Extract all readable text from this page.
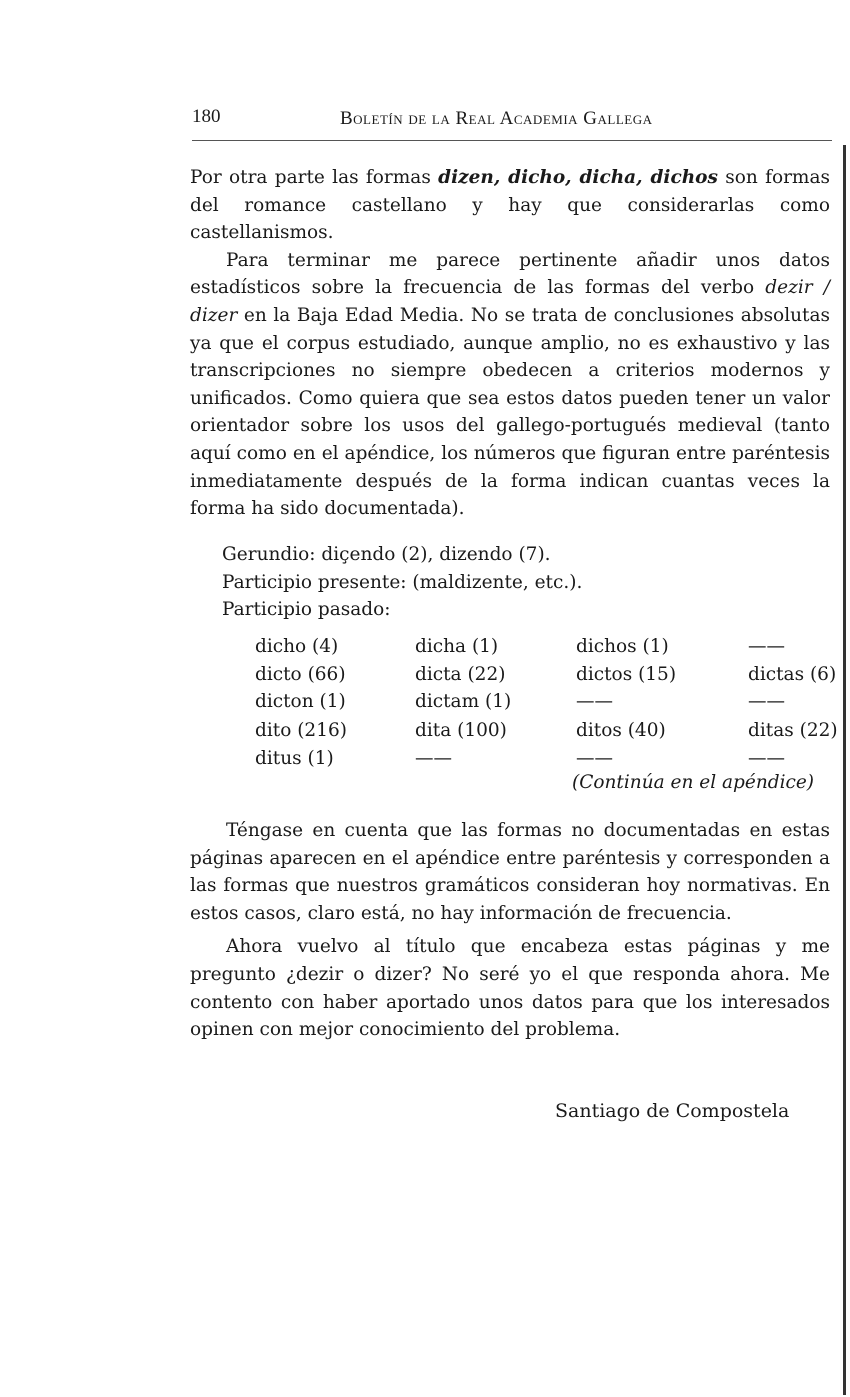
180	Boletín de la Real Academia Gallega

Por otra parte las formas dizen, dicho, dicha, dichos son formas del romance castellano y hay que considerarlas como castellanismos.

Para terminar me parece pertinente añadir unos datos estadísticos sobre la frecuencia de las formas del verbo dezir / dizer en la Baja Edad Media. No se trata de conclusiones absolutas ya que el corpus estudiado, aunque amplio, no es exhaustivo y las transcripciones no siempre obedecen a criterios modernos y unificados. Como quiera que sea estos datos pueden tener un valor orientador sobre los usos del gallego-portugués medieval (tanto aquí como en el apéndice, los números que figuran entre paréntesis inmediatamente después de la forma indican cuantas veces la forma ha sido documentada).

Gerundio: diçendo (2), dizendo (7).
Participio presente: (maldizente, etc.).
Participio pasado:
dicho (4)	dicha (1)	dichos (1)	——
dicto (66)	dicta (22)	dictos (15)	dictas (6)
dicton (1)	dictam (1)	——	——
dito (216)	dita (100)	ditos (40)	ditas (22)
ditus (1)	——	——	——
(Continúa en el apéndice)

Téngase en cuenta que las formas no documentadas en estas páginas aparecen en el apéndice entre paréntesis y corresponden a las formas que nuestros gramáticos consideran hoy normativas. En estos casos, claro está, no hay información de frecuencia.

Ahora vuelvo al título que encabeza estas páginas y me pregunto ¿dezir o dizer? No seré yo el que responda ahora. Me contento con haber aportado unos datos para que los interesados opinen con mejor conocimiento del problema.

Santiago de Compostela
